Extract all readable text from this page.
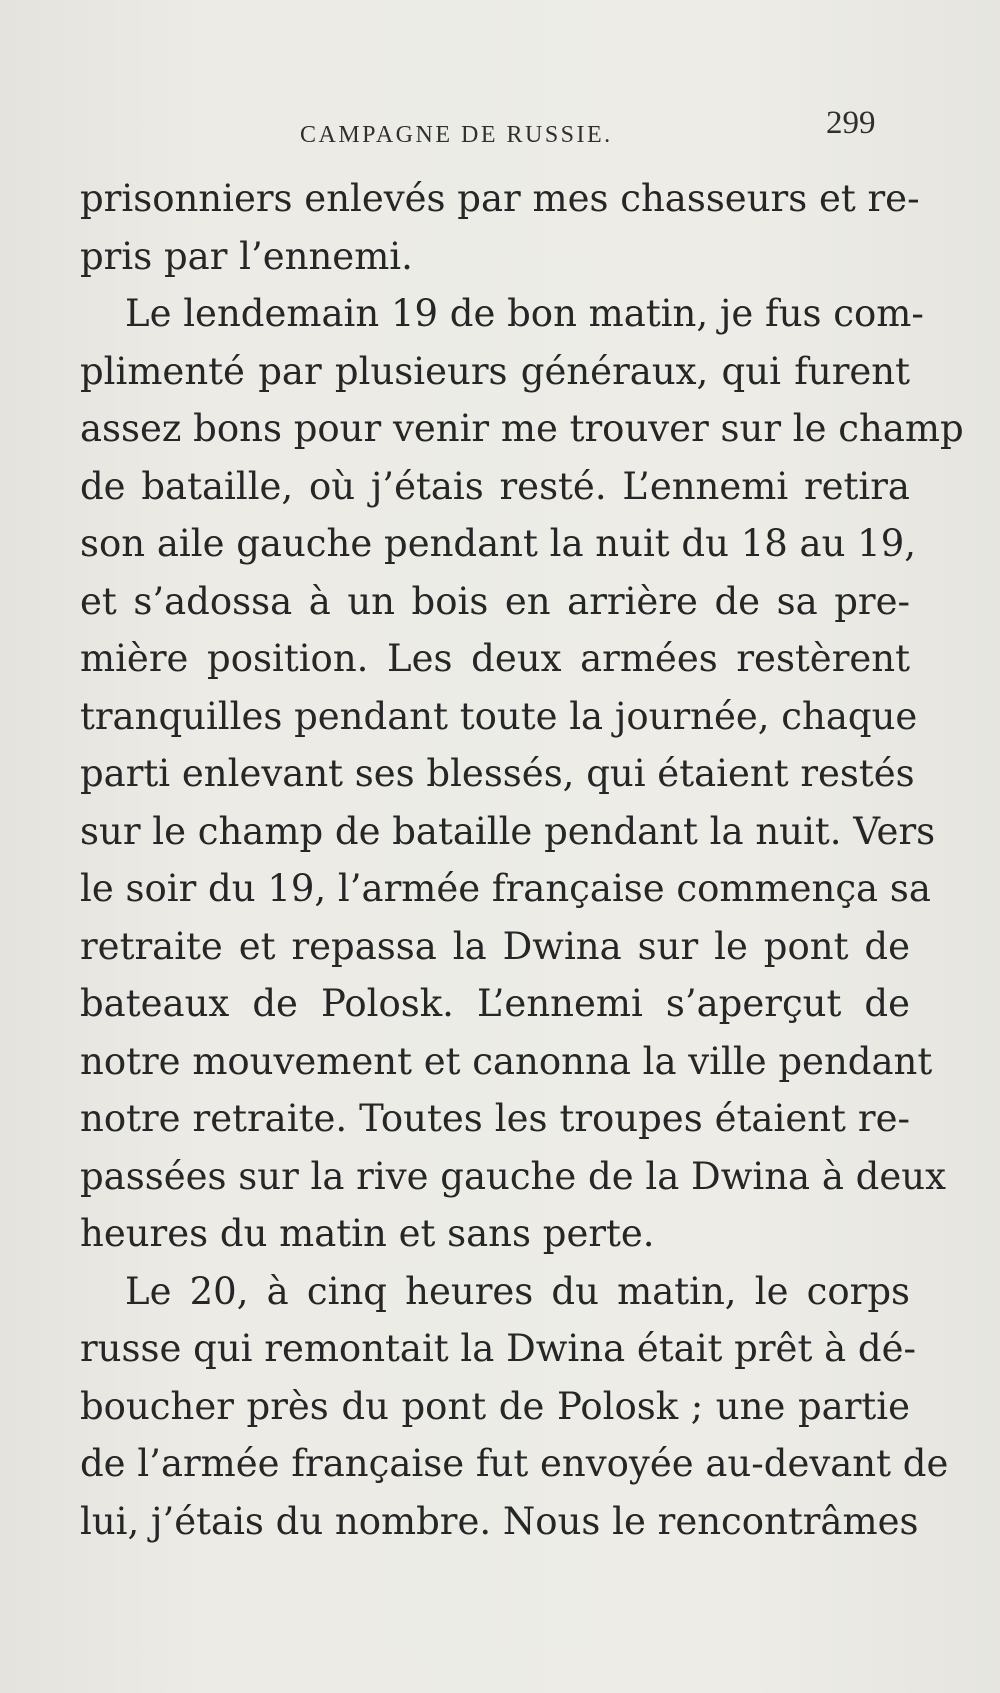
CAMPAGNE DE RUSSIE.	299
prisonniers enlevés par mes chasseurs et re-
pris par l’ennemi.
Le lendemain 19 de bon matin, je fus com-
plimenté par plusieurs généraux, qui furent
assez bons pour venir me trouver sur le champ
de bataille, où j’étais resté. L’ennemi retira
son aile gauche pendant la nuit du 18 au 19,
et s’adossa à un bois en arrière de sa pre-
mière position. Les deux armées restèrent
tranquilles pendant toute la journée, chaque
parti enlevant ses blessés, qui étaient restés
sur le champ de bataille pendant la nuit. Vers
le soir du 19, l’armée française commença sa
retraite et repassa la Dwina sur le pont de
bateaux de Polosk. L’ennemi s’aperçut de
notre mouvement et canonna la ville pendant
notre retraite. Toutes les troupes étaient re-
passées sur la rive gauche de la Dwina à deux
heures du matin et sans perte.
Le 20, à cinq heures du matin, le corps
russe qui remontait la Dwina était prêt à dé-
boucher près du pont de Polosk ; une partie
de l’armée française fut envoyée au-devant de
lui, j’étais du nombre. Nous le rencontrâmes
